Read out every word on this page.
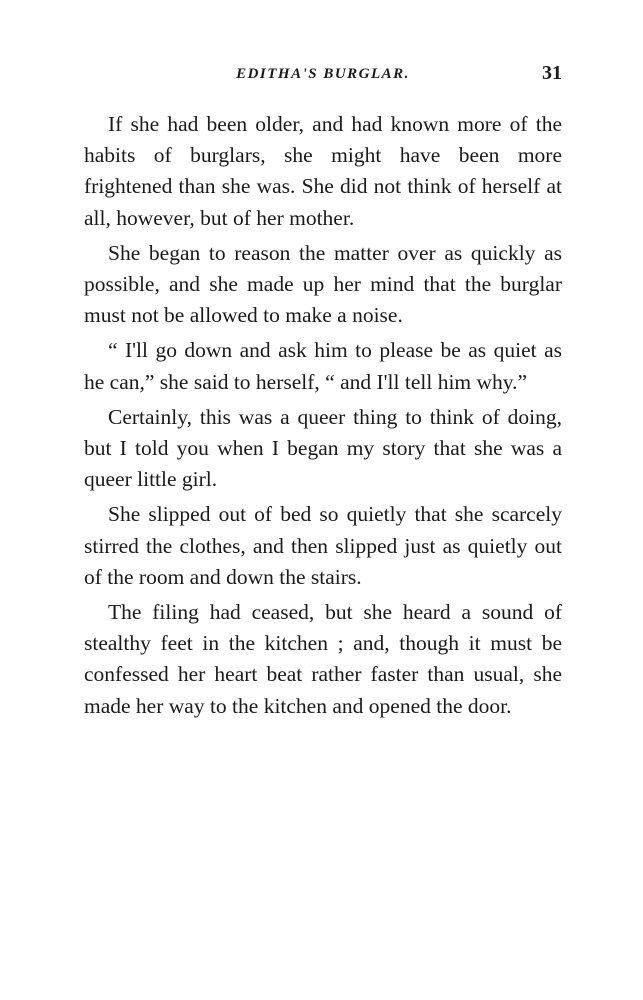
EDITHA'S BURGLAR.	31

If she had been older, and had known more of the habits of burglars, she might have been more frightened than she was. She did not think of herself at all, however, but of her mother.

She began to reason the matter over as quickly as possible, and she made up her mind that the burglar must not be allowed to make a noise.

“ I'll go down and ask him to please be as quiet as he can,” she said to herself, “ and I'll tell him why.”

Certainly, this was a queer thing to think of doing, but I told you when I began my story that she was a queer little girl.

She slipped out of bed so quietly that she scarcely stirred the clothes, and then slipped just as quietly out of the room and down the stairs.

The filing had ceased, but she heard a sound of stealthy feet in the kitchen ; and, though it must be confessed her heart beat rather faster than usual, she made her way to the kitchen and opened the door.
